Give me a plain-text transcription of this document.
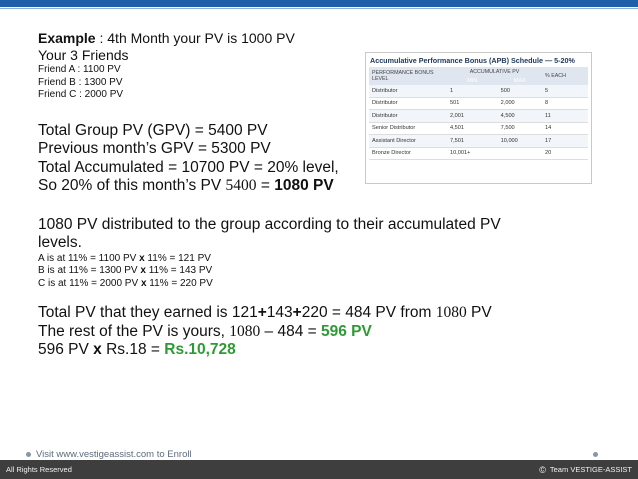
Example : 4th Month your PV is 1000 PV
Your 3 Friends
Friend A : 1100 PV
Friend B : 1300 PV
Friend C : 2000 PV
Total Group PV (GPV) = 5400 PV
Previous month’s GPV = 5300 PV
Total Accumulated = 10700 PV = 20% level,
So 20% of this month’s PV 5400 = 1080 PV
1080 PV distributed to the group according to their accumulated PV
levels.
A is at 11% = 1100 PV x 11% = 121 PV
B is at 11% = 1300 PV x 11% = 143 PV
C is at 11% = 2000 PV x 11% = 220 PV
Total PV that they earned is 121+143+220 = 484 PV from 1080 PV
The rest of the PV is yours, 1080 – 484 = 596 PV
596 PV x Rs.18 = Rs.10,728
Accumulative Performance Bonus (APB) Schedule — 5-20%
PERFORMANCE BONUS LEVEL	ACCUMULATIVE PV		% EACH
	MIN	MAX	
Distributor	1	500	5
Distributor	501	2,000	8
Distributor	2,001	4,500	11
Senior Distributor	4,501	7,500	14
Assistant Director	7,501	10,000	17
Bronze Director	10,001+		20
Visit www.vestigeassist.com to Enroll
All Rights Reserved	© Team VESTIGE-ASSIST
